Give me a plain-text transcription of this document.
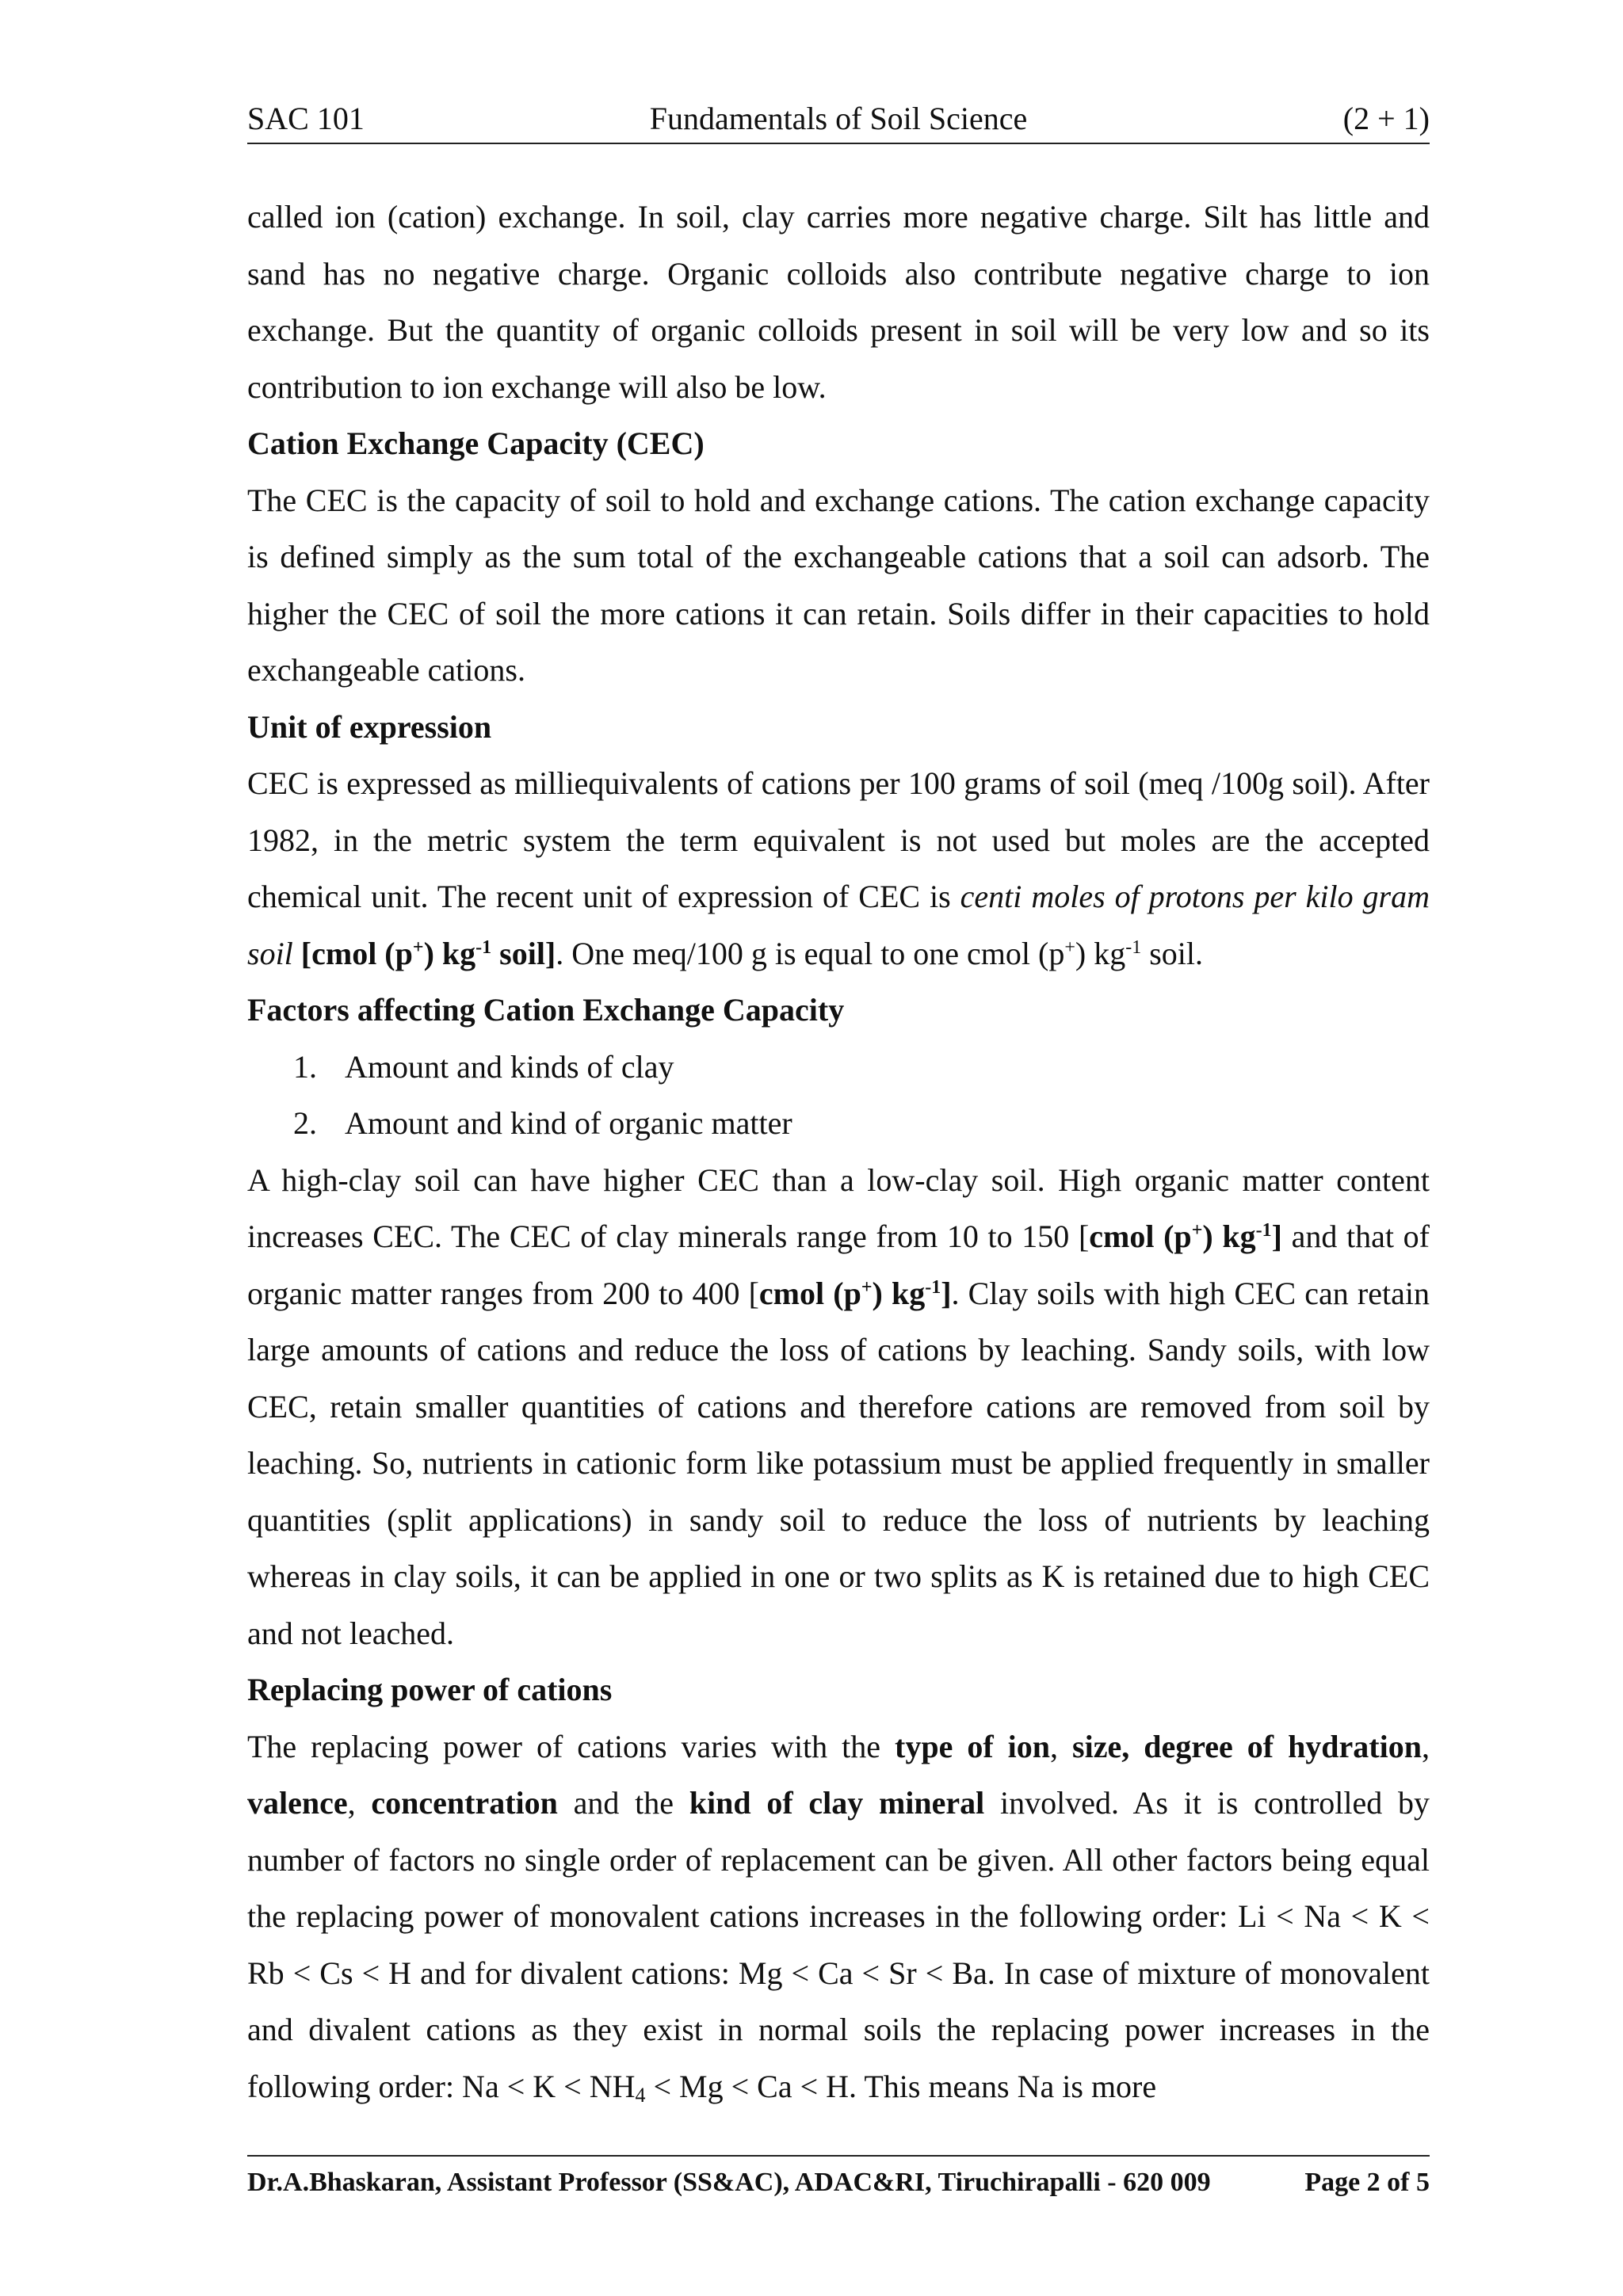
SAC 101	Fundamentals of Soil Science	(2 + 1)

called ion (cation) exchange. In soil, clay carries more negative charge. Silt has little and sand has no negative charge. Organic colloids also contribute negative charge to ion exchange. But the quantity of organic colloids present in soil will be very low and so its contribution to ion exchange will also be low.

Cation Exchange Capacity (CEC)

The CEC is the capacity of soil to hold and exchange cations. The cation exchange capacity is defined simply as the sum total of the exchangeable cations that a soil can adsorb. The higher the CEC of soil the more cations it can retain. Soils differ in their capacities to hold exchangeable cations.

Unit of expression

CEC is expressed as milliequivalents of cations per 100 grams of soil (meq /100g soil). After 1982, in the metric system the term equivalent is not used but moles are the accepted chemical unit. The recent unit of expression of CEC is centi moles of protons per kilo gram soil [cmol (p+) $kg^{-1}$ soil]. One meq/100 g is equal to one cmol (p+) $kg^{-1}$ soil.

Factors affecting Cation Exchange Capacity
1. Amount and kinds of clay
2. Amount and kind of organic matter

A high-clay soil can have higher CEC than a low-clay soil. High organic matter content increases CEC. The CEC of clay minerals range from 10 to 150 [cmol (p+) $kg^{-1}$] and that of organic matter ranges from 200 to 400 [cmol (p+) $kg^{-1}$]. Clay soils with high CEC can retain large amounts of cations and reduce the loss of cations by leaching. Sandy soils, with low CEC, retain smaller quantities of cations and therefore cations are removed from soil by leaching. So, nutrients in cationic form like potassium must be applied frequently in smaller quantities (split applications) in sandy soil to reduce the loss of nutrients by leaching whereas in clay soils, it can be applied in one or two splits as K is retained due to high CEC and not leached.

Replacing power of cations

The replacing power of cations varies with the type of ion, size, degree of hydration, valence, concentration and the kind of clay mineral involved. As it is controlled by number of factors no single order of replacement can be given. All other factors being equal the replacing power of monovalent cations increases in the following order: Li < Na < K < Rb < Cs < H and for divalent cations: Mg < Ca < Sr < Ba. In case of mixture of monovalent and divalent cations as they exist in normal soils the replacing power increases in the following order: $Na < K < NH_4 < Mg < Ca < H$. This means Na is more

Dr.A.Bhaskaran, Assistant Professor (SS&AC), ADAC&RI, Tiruchirapalli - 620 009	Page 2 of 5
